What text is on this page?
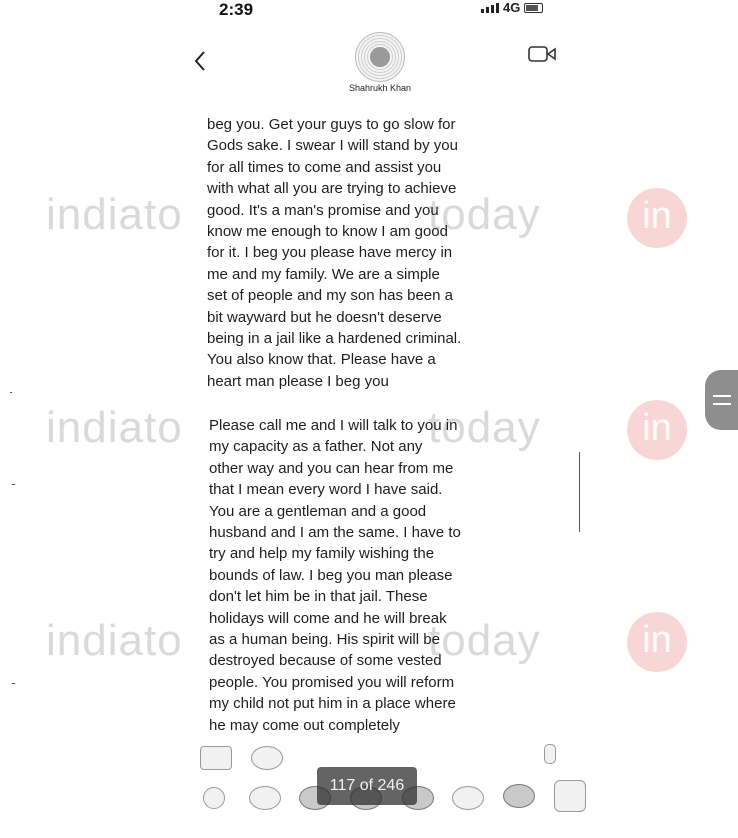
2:39	4G
Shahrukh Khan
indiato	today	in
indiato	today	in
indiato	today	in

beg you. Get your guys to go slow for
Gods sake. I swear I will stand by you
for all times to come and assist you
with what all you are trying to achieve
good. It's a man's promise and you
know me enough to know I am good
for it. I beg you please have mercy in
me and my family. We are a simple
set of people and my son has been a
bit wayward but he doesn't deserve
being in a jail like a hardened criminal.
You also know that. Please have a
heart man please I beg you
Please call me and I will talk to you in
my capacity as a father. Not any
other way and you can hear from me
that I mean every word I have said.
You are a gentleman and a good
husband and I am the same. I have to
try and help my family wishing the
bounds of law. I beg you man please
don't let him be in that jail. These
holidays will come and he will break
as a human being. His spirit will be
destroyed because of some vested
people. You promised you will reform
my child not put him in a place where
he may come out completely
117 of 246
